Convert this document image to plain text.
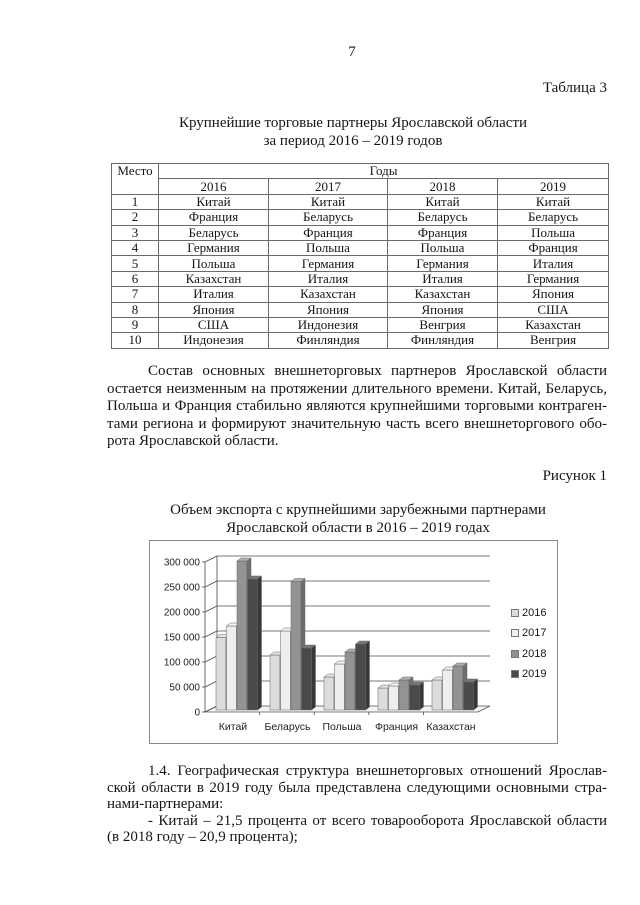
7
Таблица 3
Крупнейшие торговые партнеры Ярославской области
за период 2016 – 2019 годов
Место	Годы			
	2016	2017	2018	2019
1	Китай	Китай	Китай	Китай
2	Франция	Беларусь	Беларусь	Беларусь
3	Беларусь	Франция	Франция	Польша
4	Германия	Польша	Польша	Франция
5	Польша	Германия	Германия	Италия
6	Казахстан	Италия	Италия	Германия
7	Италия	Казахстан	Казахстан	Япония
8	Япония	Япония	Япония	США
9	США	Индонезия	Венгрия	Казахстан
10	Индонезия	Финляндия	Финляндия	Венгрия
Состав основных внешнеторговых партнеров Ярославской области
остается неизменным на протяжении длительного времени. Китай, Беларусь,
Польша и Франция стабильно являются крупнейшими торговыми контраген-
тами региона и формируют значительную часть всего внешнеторгового обо-
рота Ярославской области.
Рисунок 1
Объем экспорта с крупнейшими зарубежными партнерами
Ярославской области в 2016 – 2019 годах
0
50 000
100 000
150 000
200 000
250 000
300 000
Китай Беларусь Польша Франция Казахстан
2016
2017
2018
2019
1.4. Географическая структура внешнеторговых отношений Ярослав-
ской области в 2019 году была представлена следующими основными стра-
нами-партнерами:
- Китай – 21,5 процента от всего товарооборота Ярославской области
(в 2018 году – 20,9 процента);
